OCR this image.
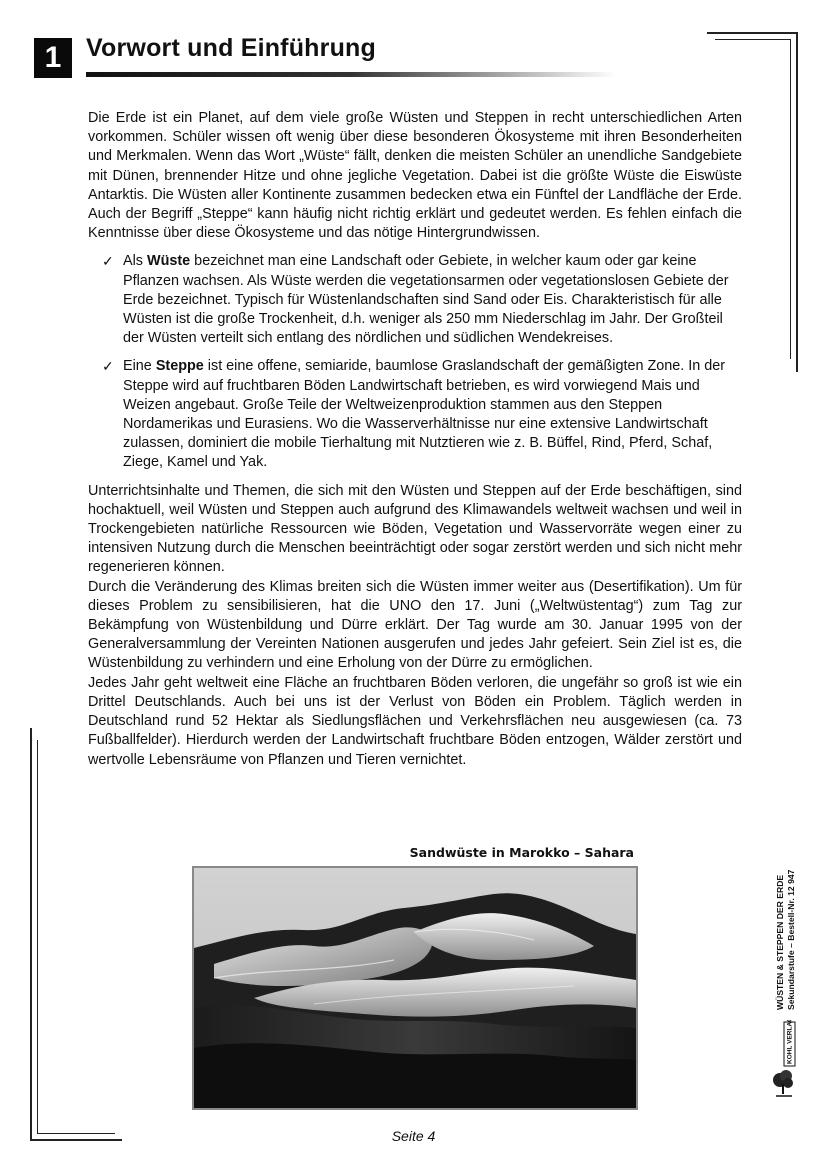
1 Vorwort und Einführung

Die Erde ist ein Planet, auf dem viele große Wüsten und Steppen in recht unterschiedlichen Arten vorkommen. Schüler wissen oft wenig über diese besonderen Ökosysteme mit ihren Besonderheiten und Merkmalen. Wenn das Wort „Wüste“ fällt, denken die meisten Schüler an unendliche Sandgebiete mit Dünen, brennender Hitze und ohne jegliche Vegetation. Dabei ist die größte Wüste die Eiswüste Antarktis. Die Wüsten aller Kontinente zusammen bedecken etwa ein Fünftel der Landfläche der Erde. Auch der Begriff „Steppe“ kann häufig nicht richtig erklärt und gedeutet werden. Es fehlen einfach die Kenntnisse über diese Ökosysteme und das nötige Hintergrundwissen.

✓ Als Wüste bezeichnet man eine Landschaft oder Gebiete, in welcher kaum oder gar keine Pflanzen wachsen. Als Wüste werden die vegetationsarmen oder vegetationslosen Gebiete der Erde bezeichnet. Typisch für Wüstenlandschaften sind Sand oder Eis. Charakteristisch für alle Wüsten ist die große Trockenheit, d.h. weniger als 250 mm Niederschlag im Jahr. Der Großteil der Wüsten verteilt sich entlang des nördlichen und südlichen Wendekreises.
✓ Eine Steppe ist eine offene, semiaride, baumlose Graslandschaft der gemäßigten Zone. In der Steppe wird auf fruchtbaren Böden Landwirtschaft betrieben, es wird vorwiegend Mais und Weizen angebaut. Große Teile der Weltweizenproduktion stammen aus den Steppen Nordamerikas und Eurasiens. Wo die Wasserverhältnisse nur eine extensive Landwirtschaft zulassen, dominiert die mobile Tierhaltung mit Nutztieren wie z. B. Büffel, Rind, Pferd, Schaf, Ziege, Kamel und Yak.

Unterrichtsinhalte und Themen, die sich mit den Wüsten und Steppen auf der Erde beschäftigen, sind hochaktuell, weil Wüsten und Steppen auch aufgrund des Klimawandels weltweit wachsen und weil in Trockengebieten natürliche Ressourcen wie Böden, Vegetation und Wasservorräte wegen einer zu intensiven Nutzung durch die Menschen beeinträchtigt oder sogar zerstört werden und sich nicht mehr regenerieren können.

Durch die Veränderung des Klimas breiten sich die Wüsten immer weiter aus (Desertifikation). Um für dieses Problem zu sensibilisieren, hat die UNO den 17. Juni („Weltwüstentag“) zum Tag zur Bekämpfung von Wüstenbildung und Dürre erklärt. Der Tag wurde am 30. Januar 1995 von der Generalversammlung der Vereinten Nationen ausgerufen und jedes Jahr gefeiert. Sein Ziel ist es, die Wüstenbildung zu verhindern und eine Erholung von der Dürre zu ermöglichen.

Jedes Jahr geht weltweit eine Fläche an fruchtbaren Böden verloren, die ungefähr so groß ist wie ein Drittel Deutschlands. Auch bei uns ist der Verlust von Böden ein Problem. Täglich werden in Deutschland rund 52 Hektar als Siedlungsflächen und Verkehrsflächen neu ausgewiesen (ca. 73 Fußballfelder). Hierdurch werden der Landwirtschaft fruchtbare Böden entzogen, Wälder zerstört und wertvolle Lebensräume von Pflanzen und Tieren vernichtet.

Sandwüste in Marokko – Sahara
Seite 4
WÜSTEN & STEPPEN DER ERDE Sekundarstufe – Bestell-Nr. 12 947
KOHL VERLAG
